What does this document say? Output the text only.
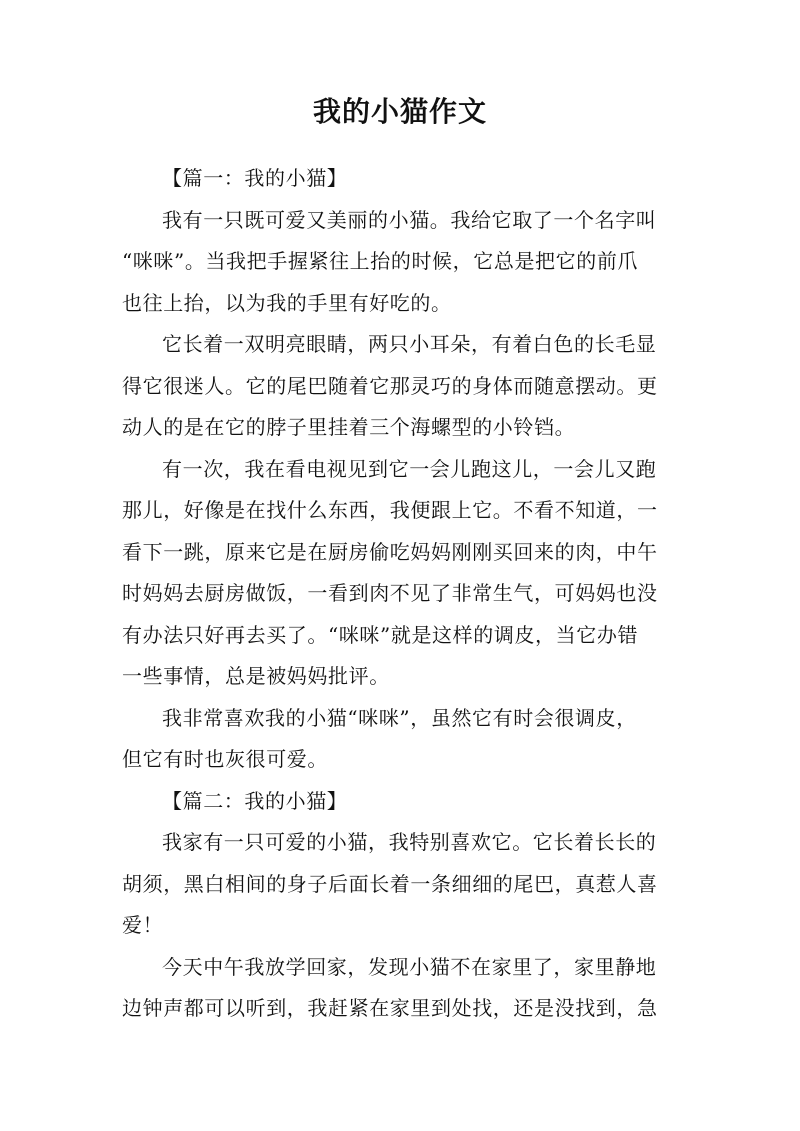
我的小猫作文
【篇一：我的小猫】
我有一只既可爱又美丽的小猫。我给它取了一个名字叫
“咪咪”。当我把手握紧往上抬的时候，它总是把它的前爪
也往上抬，以为我的手里有好吃的。
它长着一双明亮眼睛，两只小耳朵，有着白色的长毛显
得它很迷人。它的尾巴随着它那灵巧的身体而随意摆动。更
动人的是在它的脖子里挂着三个海螺型的小铃铛。
有一次，我在看电视见到它一会儿跑这儿，一会儿又跑
那儿，好像是在找什么东西，我便跟上它。不看不知道，一
看下一跳，原来它是在厨房偷吃妈妈刚刚买回来的肉，中午
时妈妈去厨房做饭，一看到肉不见了非常生气，可妈妈也没
有办法只好再去买了。“咪咪”就是这样的调皮，当它办错
一些事情，总是被妈妈批评。
我非常喜欢我的小猫“咪咪”，虽然它有时会很调皮，
但它有时也灰很可爱。
【篇二：我的小猫】
我家有一只可爱的小猫，我特别喜欢它。它长着长长的
胡须，黑白相间的身子后面长着一条细细的尾巴，真惹人喜
爱！
今天中午我放学回家，发现小猫不在家里了，家里静地
边钟声都可以听到，我赶紧在家里到处找，还是没找到，急
